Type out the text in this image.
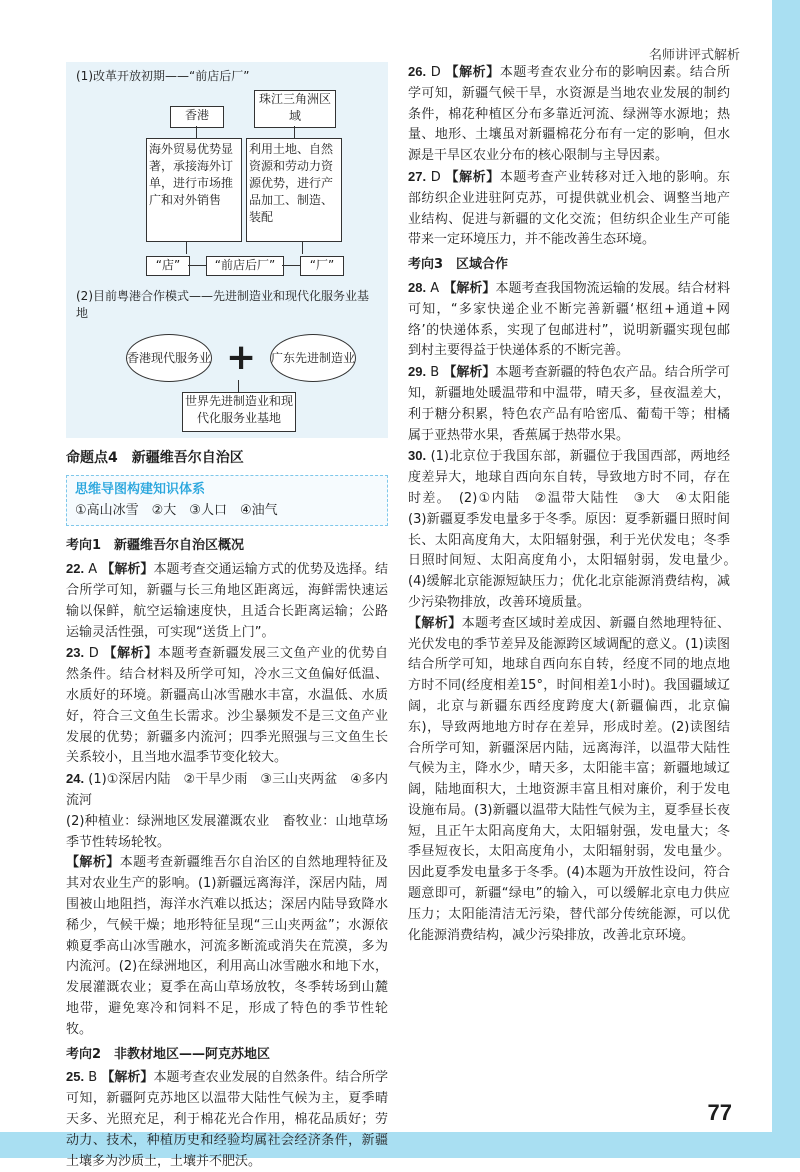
名师讲评式解析
77
(1)改革开放初期——“前店后厂”
香港
珠江三角洲区域
海外贸易优势显著，承接海外订单，进行市场推广和对外销售
利用土地、自然资源和劳动力资源优势，进行产品加工、制造、装配
“店”	“前店后厂”	“厂”
(2)目前粤港合作模式——先进制造业和现代化服务业基地
香港现代服务业 + 广东先进制造业
世界先进制造业和现代化服务业基地
命题点4　新疆维吾尔自治区
思维导图构建知识体系
①高山冰雪　②大　③人口　④油气
考向1　新疆维吾尔自治区概况

22. A 【解析】本题考查交通运输方式的优势及选择。结合所学可知，新疆与长三角地区距离远，海鲜需快速运输以保鲜，航空运输速度快，且适合长距离运输；公路运输灵活性强，可实现“送货上门”。

23. D 【解析】本题考查新疆发展三文鱼产业的优势自然条件。结合材料及所学可知，冷水三文鱼偏好低温、水质好的环境。新疆高山冰雪融水丰富，水温低、水质好，符合三文鱼生长需求。沙尘暴频发不是三文鱼产业发展的优势；新疆多内流河；四季光照强与三文鱼生长关系较小，且当地水温季节变化较大。

24. (1)①深居内陆　②干旱少雨　③三山夹两盆　④多内流河

(2)种植业：绿洲地区发展灌溉农业　畜牧业：山地草场季节性转场轮牧。

【解析】本题考查新疆维吾尔自治区的自然地理特征及其对农业生产的影响。(1)新疆远离海洋，深居内陆，周围被山地阻挡，海洋水汽难以抵达；深居内陆导致降水稀少，气候干燥；地形特征呈现“三山夹两盆”；水源依赖夏季高山冰雪融水，河流多断流或消失在荒漠，多为内流河。(2)在绿洲地区，利用高山冰雪融水和地下水，发展灌溉农业；夏季在高山草场放牧，冬季转场到山麓地带，避免寒冷和饲料不足，形成了特色的季节性轮牧。

考向2　非教材地区——阿克苏地区

25. B 【解析】本题考查农业发展的自然条件。结合所学可知，新疆阿克苏地区以温带大陆性气候为主，夏季晴天多、光照充足，利于棉花光合作用，棉花品质好；劳动力、技术，种植历史和经验均属社会经济条件，新疆土壤多为沙质土，土壤并不肥沃。

26. D 【解析】本题考查农业分布的影响因素。结合所学可知，新疆气候干旱，水资源是当地农业发展的制约条件，棉花种植区分布多靠近河流、绿洲等水源地；热量、地形、土壤虽对新疆棉花分布有一定的影响，但水源是干旱区农业分布的核心限制与主导因素。

27. D 【解析】本题考查产业转移对迁入地的影响。东部纺织企业进驻阿克苏，可提供就业机会、调整当地产业结构、促进与新疆的文化交流；但纺织企业生产可能带来一定环境压力，并不能改善生态环境。

考向3　区域合作

28. A 【解析】本题考查我国物流运输的发展。结合材料可知，“多家快递企业不断完善新疆‘枢纽+通道+网络’的快递体系，实现了包邮进村”，说明新疆实现包邮到村主要得益于快递体系的不断完善。

29. B 【解析】本题考查新疆的特色农产品。结合所学可知，新疆地处暖温带和中温带，晴天多，昼夜温差大，利于糖分积累，特色农产品有哈密瓜、葡萄干等；柑橘属于亚热带水果，香蕉属于热带水果。

30. (1)北京位于我国东部，新疆位于我国西部，两地经度差异大，地球自西向东自转，导致地方时不同，存在时差。　(2)①内陆　②温带大陆性　③大　④太阳能　(3)新疆夏季发电量多于冬季。原因：夏季新疆日照时间长、太阳高度角大，太阳辐射强，利于光伏发电；冬季日照时间短、太阳高度角小，太阳辐射弱，发电量少。　(4)缓解北京能源短缺压力；优化北京能源消费结构，减少污染物排放，改善环境质量。

【解析】本题考查区域时差成因、新疆自然地理特征、光伏发电的季节差异及能源跨区域调配的意义。(1)读图结合所学可知，地球自西向东自转，经度不同的地点地方时不同(经度相差15°，时间相差1小时)。我国疆域辽阔，北京与新疆东西经度跨度大(新疆偏西，北京偏东)，导致两地地方时存在差异，形成时差。(2)读图结合所学可知，新疆深居内陆，远离海洋，以温带大陆性气候为主，降水少，晴天多，太阳能丰富；新疆地域辽阔，陆地面积大，土地资源丰富且相对廉价，利于发电设施布局。(3)新疆以温带大陆性气候为主，夏季昼长夜短，且正午太阳高度角大，太阳辐射强，发电量大；冬季昼短夜长，太阳高度角小，太阳辐射弱，发电量少。因此夏季发电量多于冬季。(4)本题为开放性设问，符合题意即可，新疆“绿电”的输入，可以缓解北京电力供应压力；太阳能清洁无污染，替代部分传统能源，可以优化能源消费结构，减少污染排放，改善北京环境。
